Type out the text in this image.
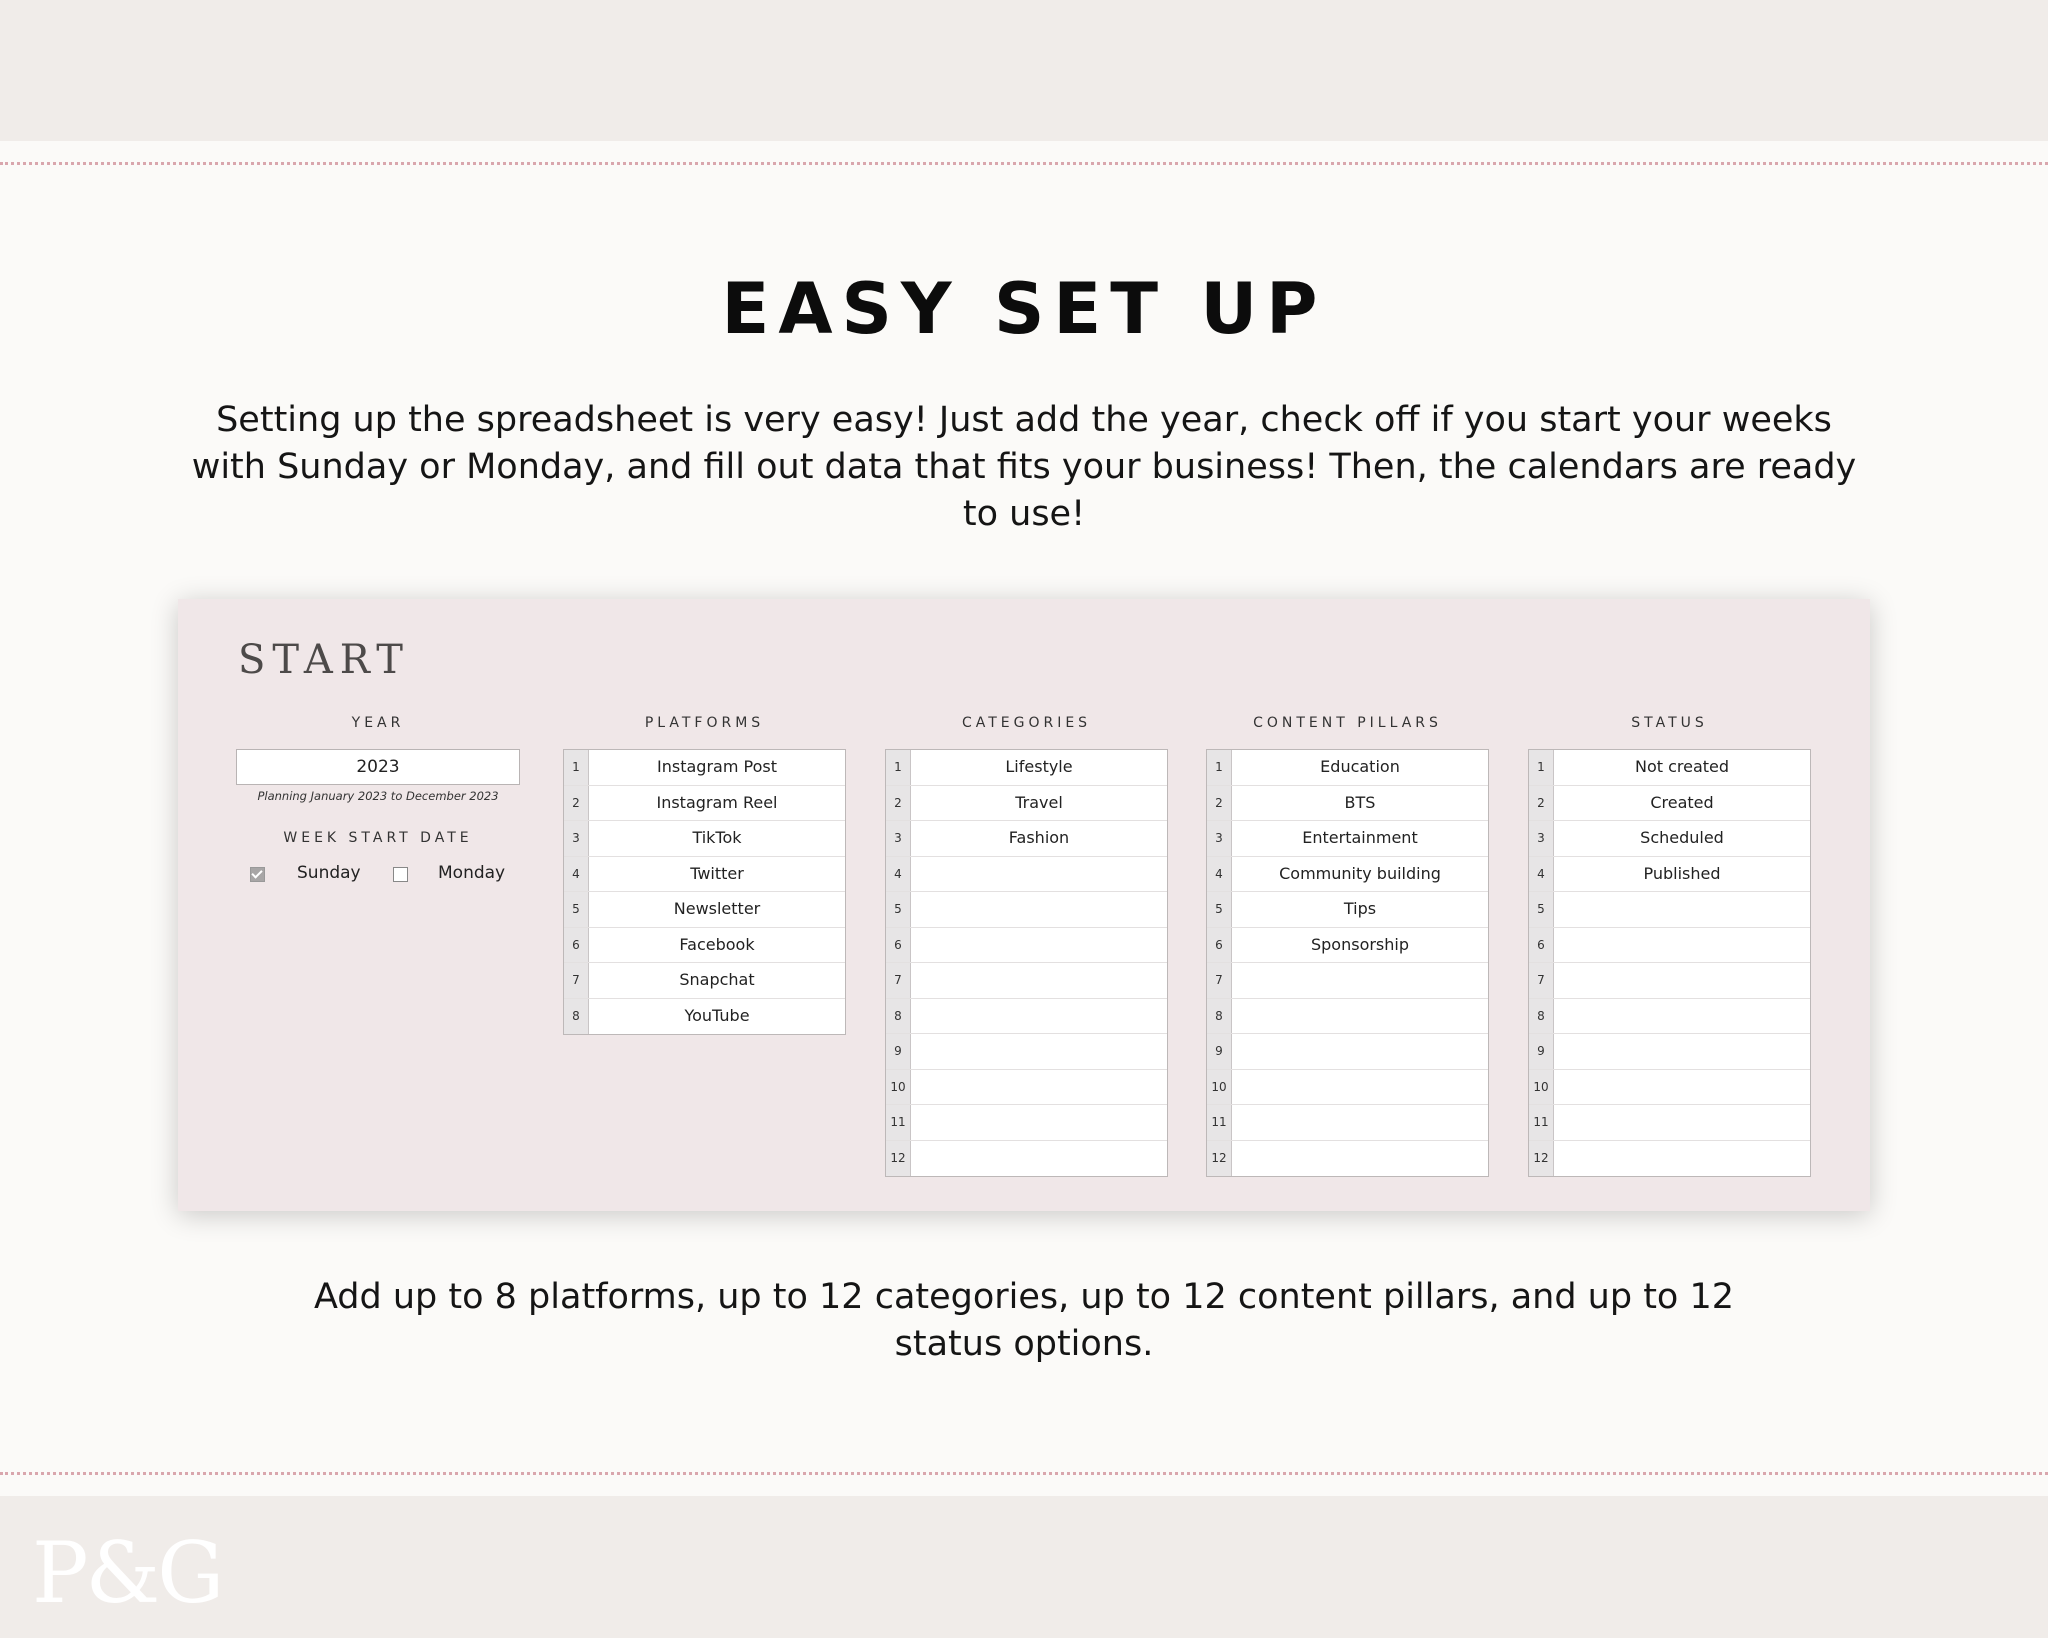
EASY SET UP
Setting up the spreadsheet is very easy! Just add the year, check off if you start your weeks with Sunday or Monday, and fill out data that fits your business! Then, the calendars are ready to use!
START
YEAR
2023
Planning January 2023 to December 2023
WEEK START DATE
Sunday	Monday
PLATFORMS
1	Instagram Post
2	Instagram Reel
3	TikTok
4	Twitter
5	Newsletter
6	Facebook
7	Snapchat
8	YouTube
CATEGORIES
1	Lifestyle
2	Travel
3	Fashion
4
5
6
7
8
9
10
11
12
CONTENT PILLARS
1	Education
2	BTS
3	Entertainment
4	Community building
5	Tips
6	Sponsorship
7
8
9
10
11
12
STATUS
1	Not created
2	Created
3	Scheduled
4	Published
5
6
7
8
9
10
11
12
Add up to 8 platforms, up to 12 categories, up to 12 content pillars, and up to 12 status options.
P&G
